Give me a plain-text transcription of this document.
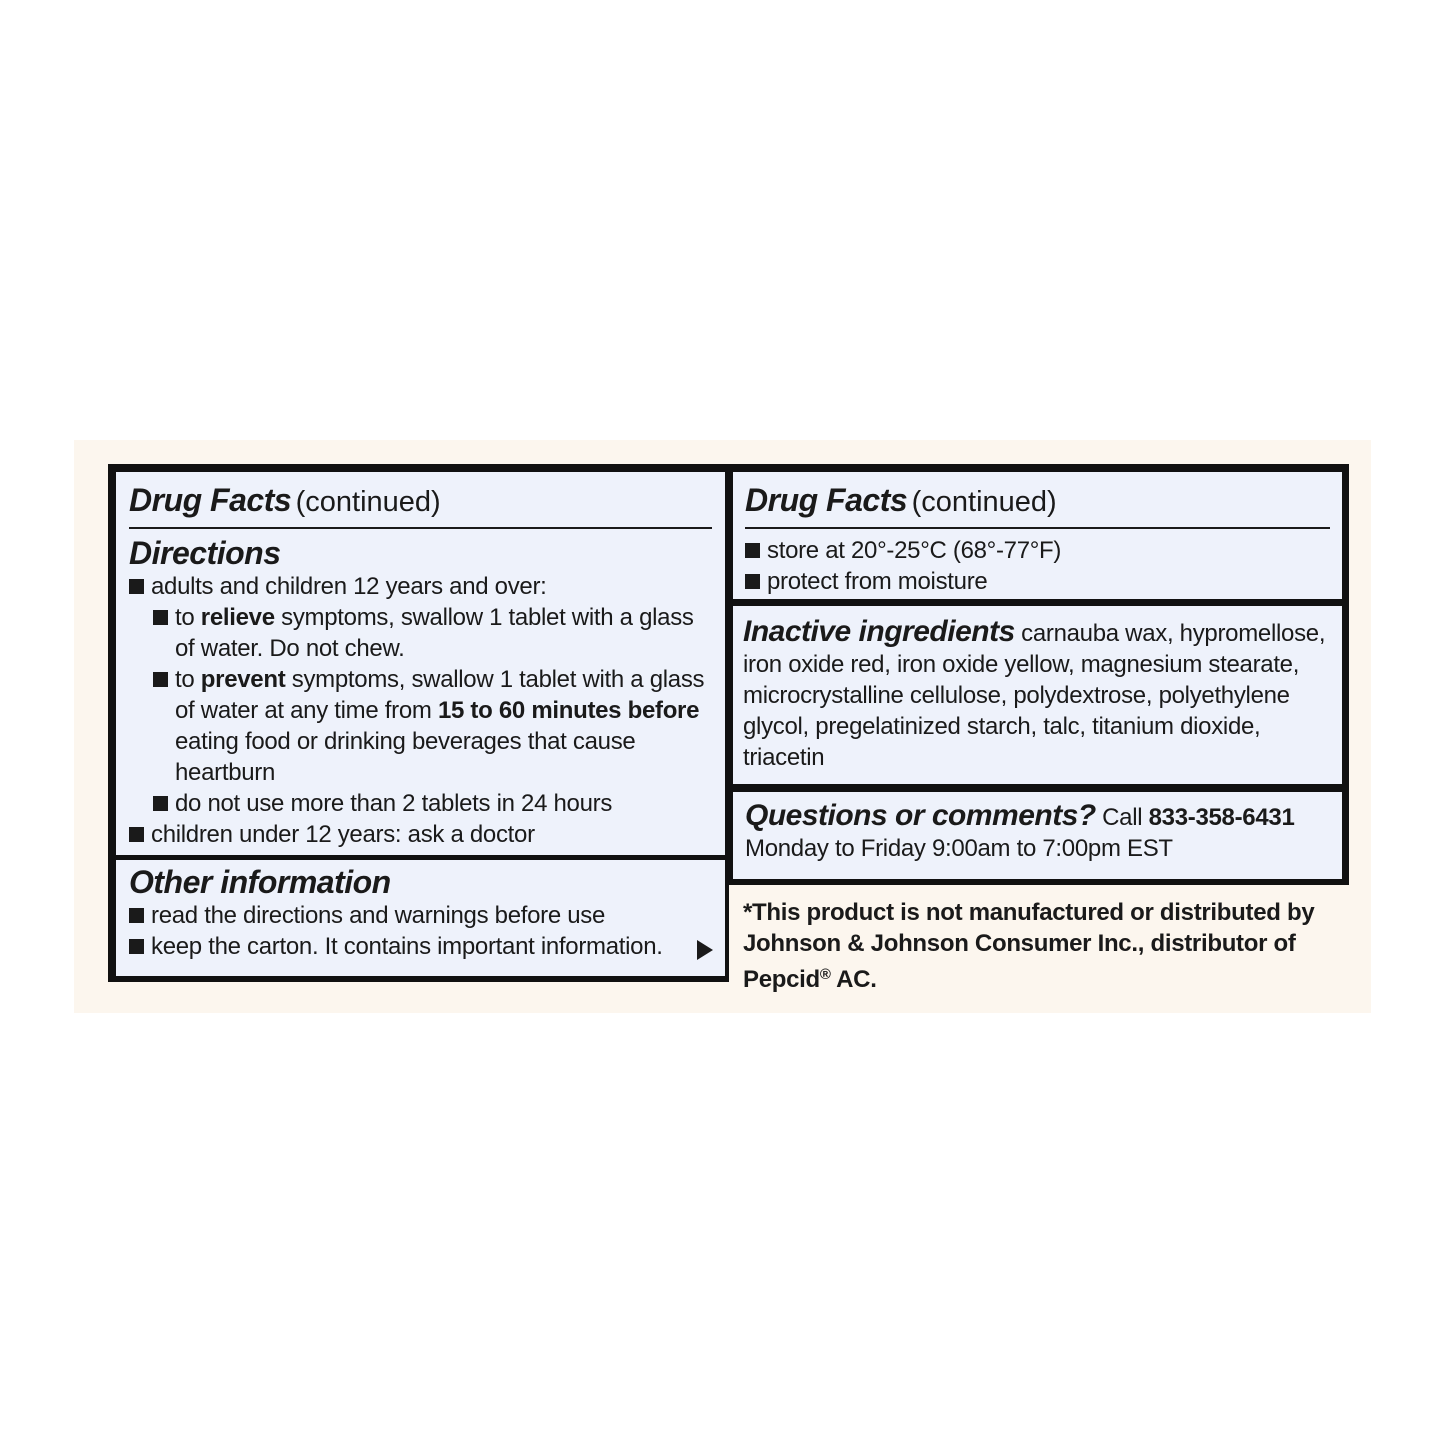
Drug Facts (continued)
Directions
adults and children 12 years and over:
to relieve symptoms, swallow 1 tablet with a glass of water. Do not chew.
to prevent symptoms, swallow 1 tablet with a glass of water at any time from 15 to 60 minutes before eating food or drinking beverages that cause heartburn
do not use more than 2 tablets in 24 hours
children under 12 years: ask a doctor
Other information
read the directions and warnings before use
keep the carton. It contains important information.
Drug Facts (continued)
store at 20°-25°C (68°-77°F)
protect from moisture
Inactive ingredients carnauba wax, hypromellose, iron oxide red, iron oxide yellow, magnesium stearate, microcrystalline cellulose, polydextrose, polyethylene glycol, pregelatinized starch, talc, titanium dioxide, triacetin
Questions or comments? Call 833-358-6431
Monday to Friday 9:00am to 7:00pm EST
*This product is not manufactured or distributed by Johnson & Johnson Consumer Inc., distributor of Pepcid® AC.
